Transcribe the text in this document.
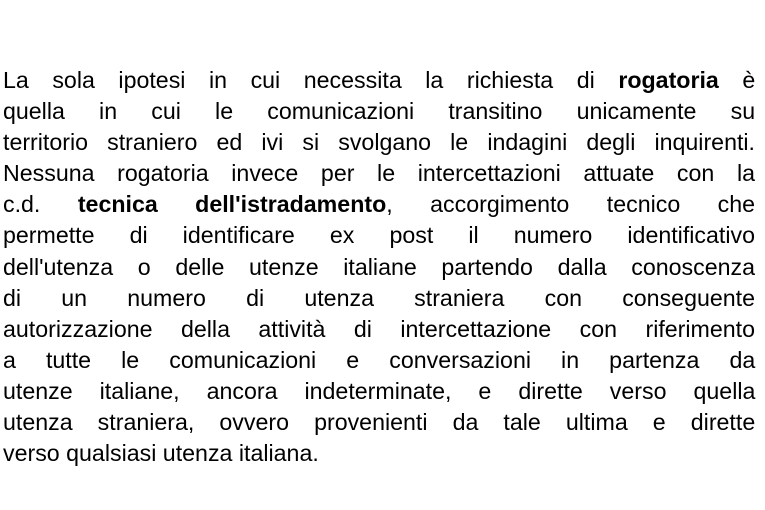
La sola ipotesi in cui necessita la richiesta di rogatoria è
quella in cui le comunicazioni transitino unicamente su
territorio straniero ed ivi si svolgano le indagini degli inquirenti.
Nessuna rogatoria invece per le intercettazioni attuate con la
c.d. tecnica dell'istradamento, accorgimento tecnico che
permette di identificare ex post il numero identificativo
dell'utenza o delle utenze italiane partendo dalla conoscenza
di un numero di utenza straniera con conseguente
autorizzazione della attività di intercettazione con riferimento
a tutte le comunicazioni e conversazioni in partenza da
utenze italiane, ancora indeterminate, e dirette verso quella
utenza straniera, ovvero provenienti da tale ultima e dirette
verso qualsiasi utenza italiana.
